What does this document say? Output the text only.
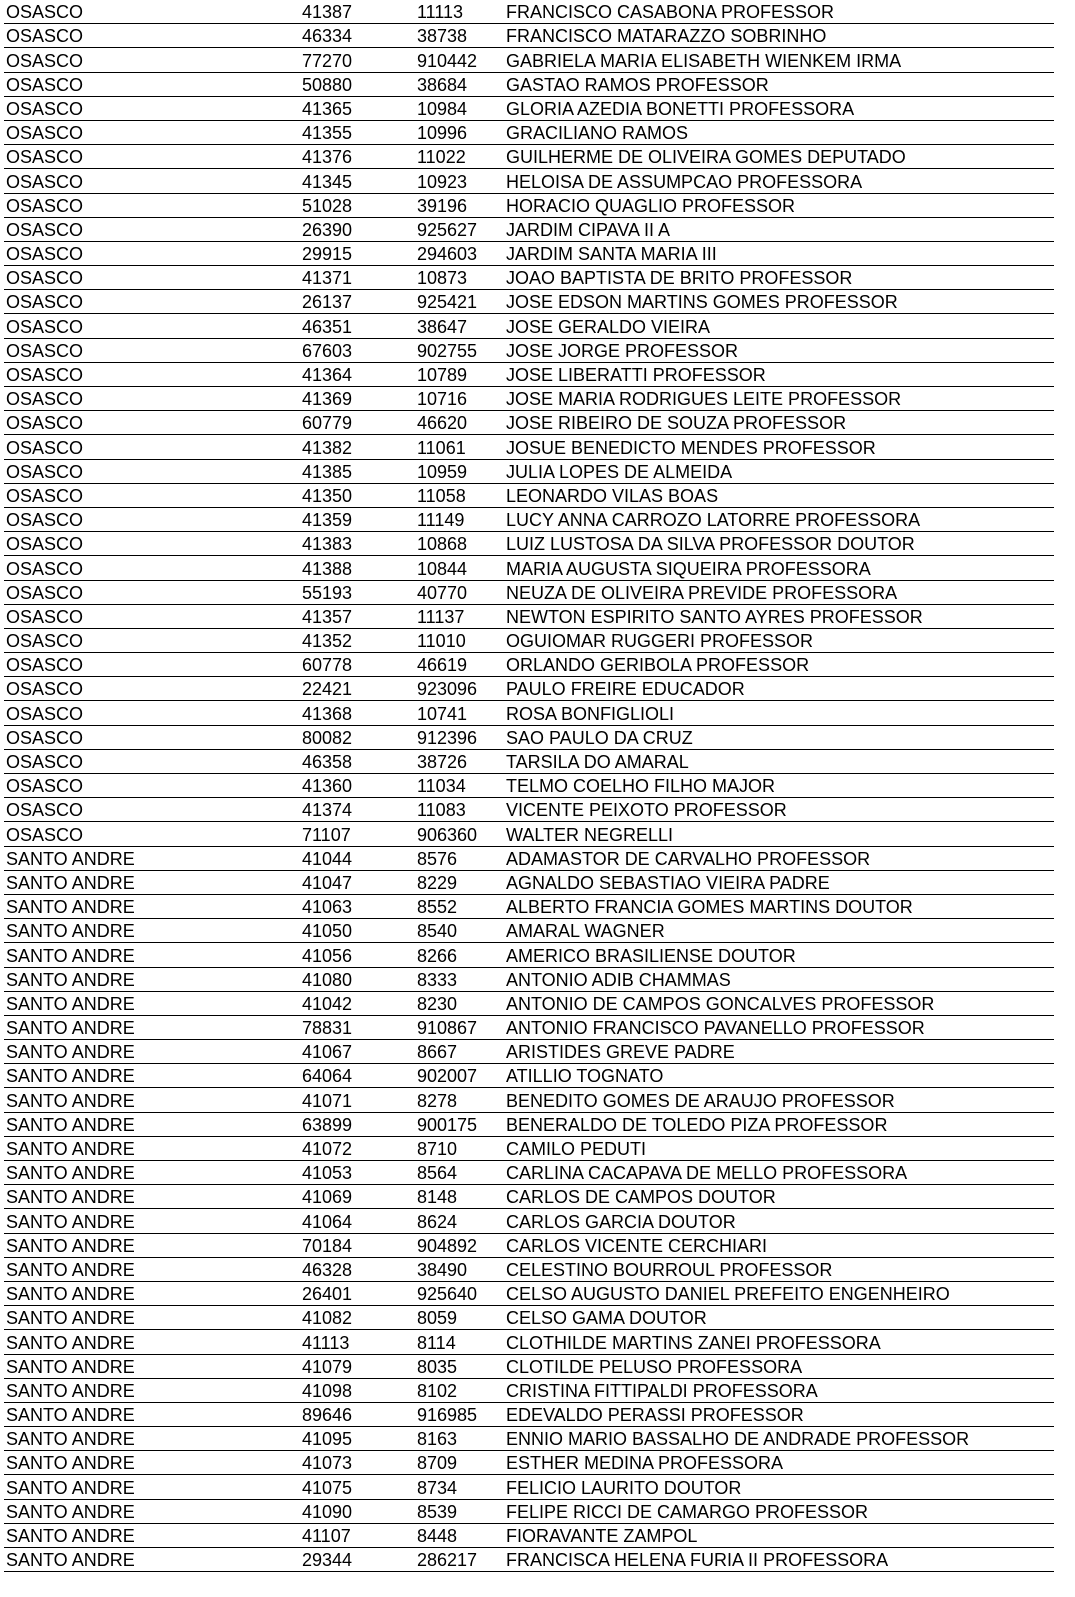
OSASCO	41387	11113	FRANCISCO CASABONA PROFESSOR
OSASCO	46334	38738	FRANCISCO MATARAZZO SOBRINHO
OSASCO	77270	910442	GABRIELA MARIA ELISABETH WIENKEM IRMA
OSASCO	50880	38684	GASTAO RAMOS PROFESSOR
OSASCO	41365	10984	GLORIA AZEDIA BONETTI PROFESSORA
OSASCO	41355	10996	GRACILIANO RAMOS
OSASCO	41376	11022	GUILHERME DE OLIVEIRA GOMES DEPUTADO
OSASCO	41345	10923	HELOISA DE ASSUMPCAO PROFESSORA
OSASCO	51028	39196	HORACIO QUAGLIO PROFESSOR
OSASCO	26390	925627	JARDIM CIPAVA II A
OSASCO	29915	294603	JARDIM SANTA MARIA III
OSASCO	41371	10873	JOAO BAPTISTA DE BRITO PROFESSOR
OSASCO	26137	925421	JOSE EDSON MARTINS GOMES PROFESSOR
OSASCO	46351	38647	JOSE GERALDO VIEIRA
OSASCO	67603	902755	JOSE JORGE PROFESSOR
OSASCO	41364	10789	JOSE LIBERATTI PROFESSOR
OSASCO	41369	10716	JOSE MARIA RODRIGUES LEITE PROFESSOR
OSASCO	60779	46620	JOSE RIBEIRO DE SOUZA PROFESSOR
OSASCO	41382	11061	JOSUE BENEDICTO MENDES PROFESSOR
OSASCO	41385	10959	JULIA LOPES DE ALMEIDA
OSASCO	41350	11058	LEONARDO VILAS BOAS
OSASCO	41359	11149	LUCY ANNA CARROZO LATORRE PROFESSORA
OSASCO	41383	10868	LUIZ LUSTOSA DA SILVA PROFESSOR DOUTOR
OSASCO	41388	10844	MARIA AUGUSTA SIQUEIRA PROFESSORA
OSASCO	55193	40770	NEUZA DE OLIVEIRA PREVIDE PROFESSORA
OSASCO	41357	11137	NEWTON ESPIRITO SANTO AYRES PROFESSOR
OSASCO	41352	11010	OGUIOMAR RUGGERI PROFESSOR
OSASCO	60778	46619	ORLANDO GERIBOLA PROFESSOR
OSASCO	22421	923096	PAULO FREIRE EDUCADOR
OSASCO	41368	10741	ROSA BONFIGLIOLI
OSASCO	80082	912396	SAO PAULO DA CRUZ
OSASCO	46358	38726	TARSILA DO AMARAL
OSASCO	41360	11034	TELMO COELHO FILHO MAJOR
OSASCO	41374	11083	VICENTE PEIXOTO PROFESSOR
OSASCO	71107	906360	WALTER NEGRELLI
SANTO ANDRE	41044	8576	ADAMASTOR DE CARVALHO PROFESSOR
SANTO ANDRE	41047	8229	AGNALDO SEBASTIAO VIEIRA PADRE
SANTO ANDRE	41063	8552	ALBERTO FRANCIA GOMES MARTINS DOUTOR
SANTO ANDRE	41050	8540	AMARAL WAGNER
SANTO ANDRE	41056	8266	AMERICO BRASILIENSE DOUTOR
SANTO ANDRE	41080	8333	ANTONIO ADIB CHAMMAS
SANTO ANDRE	41042	8230	ANTONIO DE CAMPOS GONCALVES PROFESSOR
SANTO ANDRE	78831	910867	ANTONIO FRANCISCO PAVANELLO PROFESSOR
SANTO ANDRE	41067	8667	ARISTIDES GREVE PADRE
SANTO ANDRE	64064	902007	ATILLIO TOGNATO
SANTO ANDRE	41071	8278	BENEDITO GOMES DE ARAUJO PROFESSOR
SANTO ANDRE	63899	900175	BENERALDO DE TOLEDO PIZA PROFESSOR
SANTO ANDRE	41072	8710	CAMILO PEDUTI
SANTO ANDRE	41053	8564	CARLINA CACAPAVA DE MELLO PROFESSORA
SANTO ANDRE	41069	8148	CARLOS DE CAMPOS DOUTOR
SANTO ANDRE	41064	8624	CARLOS GARCIA DOUTOR
SANTO ANDRE	70184	904892	CARLOS VICENTE CERCHIARI
SANTO ANDRE	46328	38490	CELESTINO BOURROUL PROFESSOR
SANTO ANDRE	26401	925640	CELSO AUGUSTO DANIEL PREFEITO ENGENHEIRO
SANTO ANDRE	41082	8059	CELSO GAMA DOUTOR
SANTO ANDRE	41113	8114	CLOTHILDE MARTINS ZANEI PROFESSORA
SANTO ANDRE	41079	8035	CLOTILDE PELUSO PROFESSORA
SANTO ANDRE	41098	8102	CRISTINA FITTIPALDI PROFESSORA
SANTO ANDRE	89646	916985	EDEVALDO PERASSI PROFESSOR
SANTO ANDRE	41095	8163	ENNIO MARIO BASSALHO DE ANDRADE PROFESSOR
SANTO ANDRE	41073	8709	ESTHER MEDINA PROFESSORA
SANTO ANDRE	41075	8734	FELICIO LAURITO DOUTOR
SANTO ANDRE	41090	8539	FELIPE RICCI DE CAMARGO PROFESSOR
SANTO ANDRE	41107	8448	FIORAVANTE ZAMPOL
SANTO ANDRE	29344	286217	FRANCISCA HELENA FURIA II PROFESSORA
